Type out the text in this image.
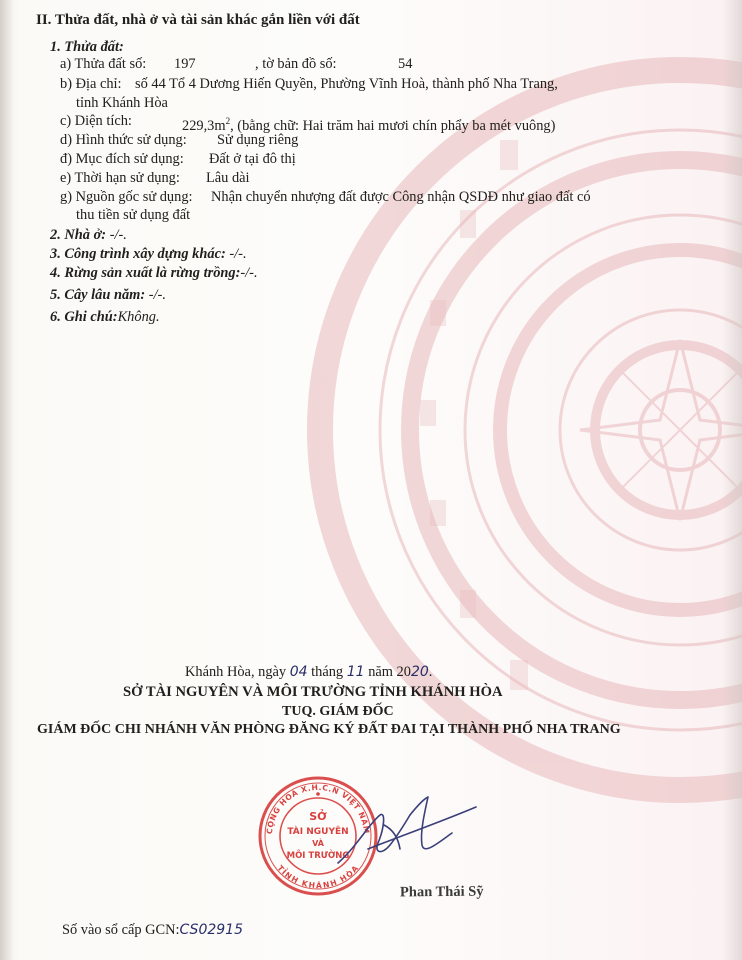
II. Thửa đất, nhà ở và tài sản khác gắn liền với đất
1. Thửa đất:
a) Thửa đất số: 197	, tờ bản đồ số:	54
b) Địa chỉ: số 44 Tổ 4 Dương Hiến Quyền, Phường Vĩnh Hoà, thành phố Nha Trang,
tỉnh Khánh Hòa
c) Diện tích:	$229,3m^2$, (bằng chữ: Hai trăm hai mươi chín phẩy ba mét vuông)
d) Hình thức sử dụng: Sử dụng riêng
đ) Mục đích sử dụng: Đất ở tại đô thị
e) Thời hạn sử dụng: Lâu dài
g) Nguồn gốc sử dụng: Nhận chuyển nhượng đất được Công nhận QSDĐ như giao đất có
thu tiền sử dụng đất
2. Nhà ở: -/-.
3. Công trình xây dựng khác: -/-.
4. Rừng sản xuất là rừng trồng:-/-.
5. Cây lâu năm: -/-.
6. Ghi chú:Không.
Khánh Hòa, ngày 04 tháng 11 năm 2020.
SỞ TÀI NGUYÊN VÀ MÔI TRƯỜNG TỈNH KHÁNH HÒA
TUQ. GIÁM ĐỐC
GIÁM ĐỐC CHI NHÁNH VĂN PHÒNG ĐĂNG KÝ ĐẤT ĐAI TẠI THÀNH PHỐ NHA TRANG
CỘNG HOÀ X.H.C.N VIỆT NAM
TỈNH KHÁNH HÒA
SỞ
TÀI NGUYÊN
VÀ
MÔI TRƯỜNG
Phan Thái Sỹ
Số vào sổ cấp GCN:CS02915
